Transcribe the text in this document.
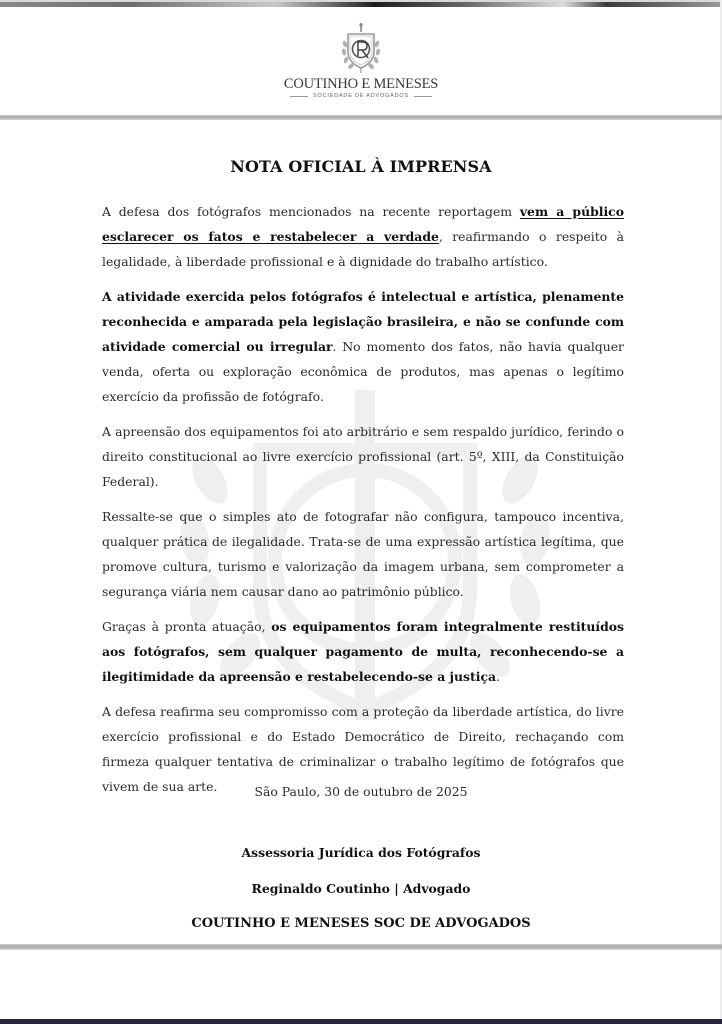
COUTINHO E MENESES
SOCIEDADE DE ADVOGADOS
NOTA OFICIAL À IMPRENSA

A defesa dos fotógrafos mencionados na recente reportagem vem a público esclarecer os fatos e restabelecer a verdade, reafirmando o respeito à legalidade, à liberdade profissional e à dignidade do trabalho artístico.

A atividade exercida pelos fotógrafos é intelectual e artística, plenamente reconhecida e amparada pela legislação brasileira, e não se confunde com atividade comercial ou irregular. No momento dos fatos, não havia qualquer venda, oferta ou exploração econômica de produtos, mas apenas o legítimo exercício da profissão de fotógrafo.

A apreensão dos equipamentos foi ato arbitrário e sem respaldo jurídico, ferindo o direito constitucional ao livre exercício profissional (art. 5º, XIII, da Constituição Federal).

Ressalte-se que o simples ato de fotografar não configura, tampouco incentiva, qualquer prática de ilegalidade. Trata-se de uma expressão artística legítima, que promove cultura, turismo e valorização da imagem urbana, sem comprometer a segurança viária nem causar dano ao patrimônio público.

Graças à pronta atuação, os equipamentos foram integralmente restituídos aos fotógrafos, sem qualquer pagamento de multa, reconhecendo-se a ilegitimidade da apreensão e restabelecendo-se a justiça.

A defesa reafirma seu compromisso com a proteção da liberdade artística, do livre exercício profissional e do Estado Democrático de Direito, rechaçando com firmeza qualquer tentativa de criminalizar o trabalho legítimo de fotógrafos que vivem de sua arte.	São Paulo, 30 de outubro de 2025
Assessoria Jurídica dos Fotógrafos
Reginaldo Coutinho | Advogado
COUTINHO E MENESES SOC DE ADVOGADOS
